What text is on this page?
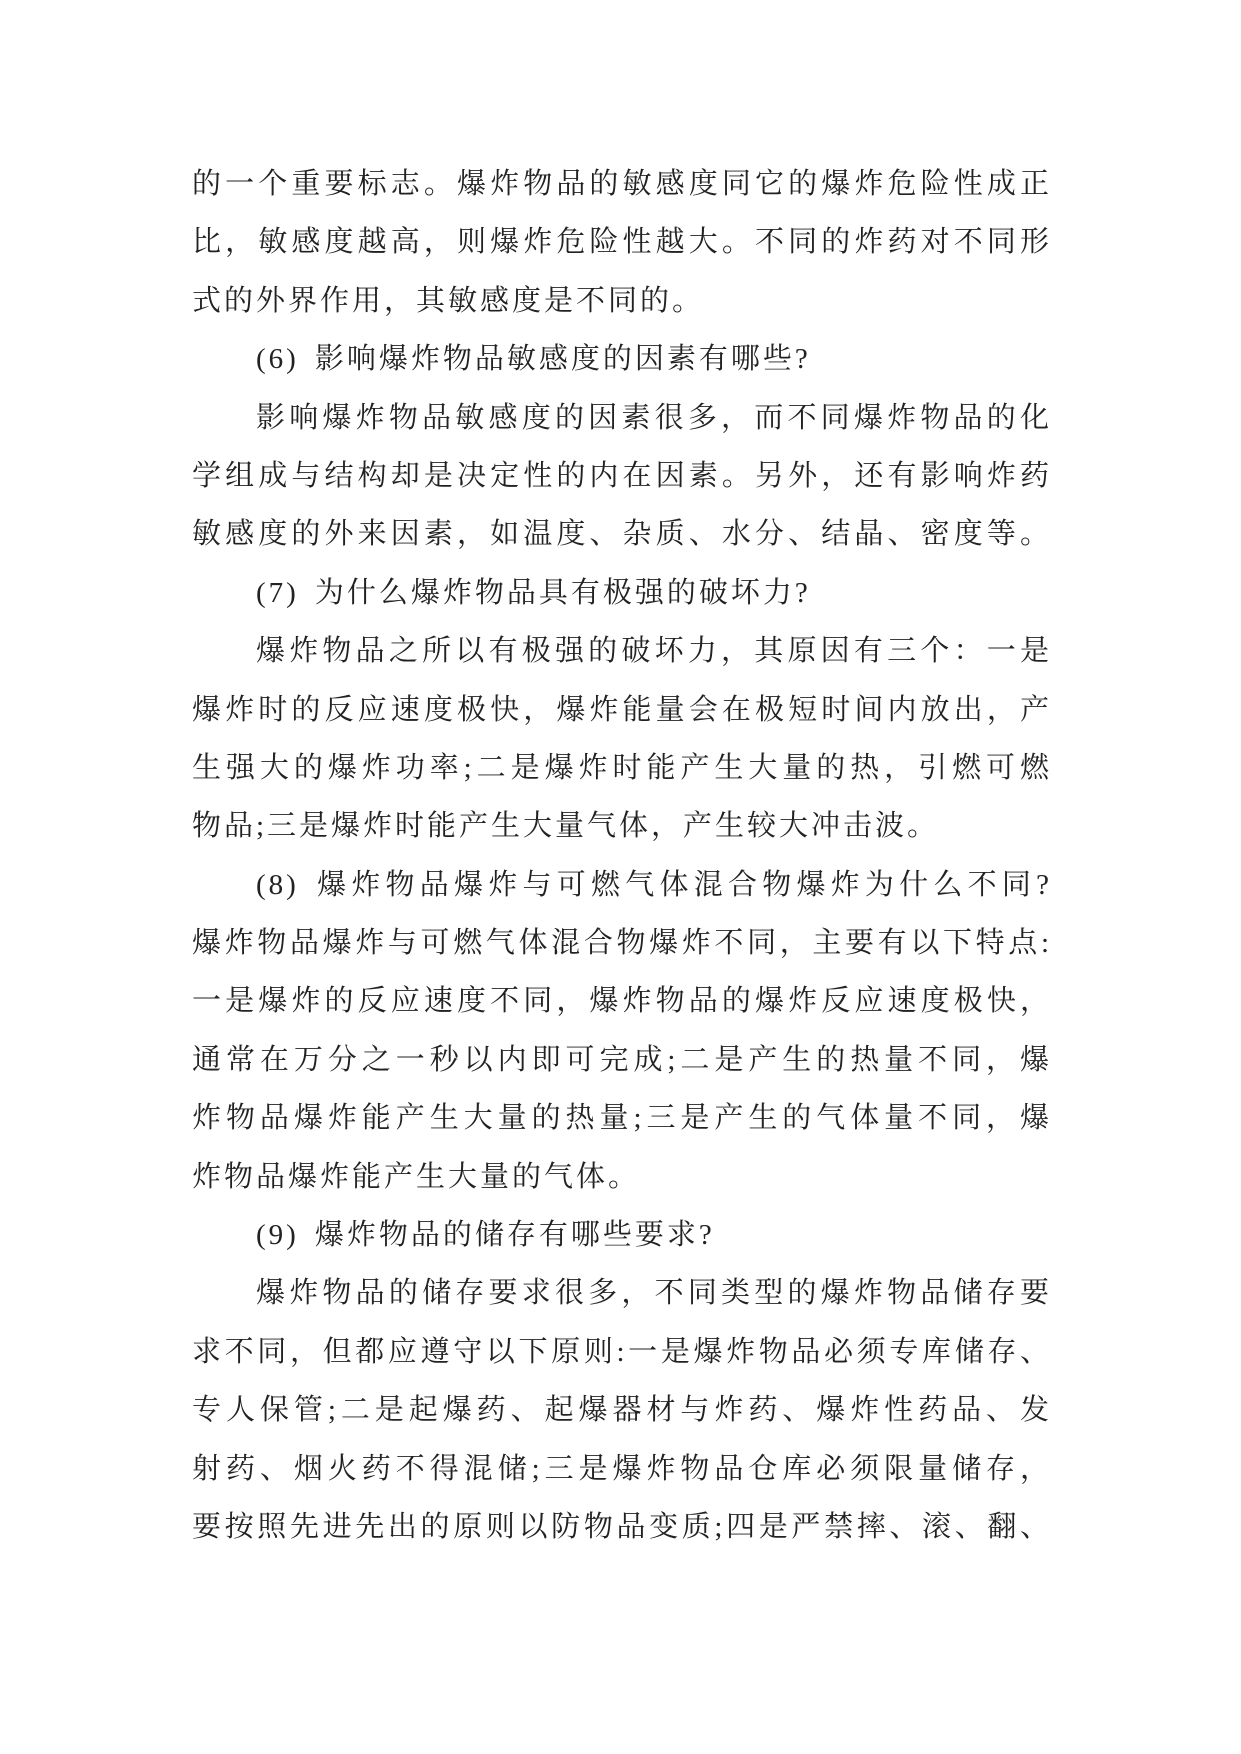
的一个重要标志。爆炸物品的敏感度同它的爆炸危险性成正
比，敏感度越高，则爆炸危险性越大。不同的炸药对不同形
式的外界作用，其敏感度是不同的。
(6) 影响爆炸物品敏感度的因素有哪些?
影响爆炸物品敏感度的因素很多，而不同爆炸物品的化
学组成与结构却是决定性的内在因素。另外，还有影响炸药
敏感度的外来因素，如温度、杂质、水分、结晶、密度等。
(7) 为什么爆炸物品具有极强的破坏力?
爆炸物品之所以有极强的破坏力，其原因有三个：一是
爆炸时的反应速度极快，爆炸能量会在极短时间内放出，产
生强大的爆炸功率;二是爆炸时能产生大量的热，引燃可燃
物品;三是爆炸时能产生大量气体，产生较大冲击波。
(8) 爆炸物品爆炸与可燃气体混合物爆炸为什么不同?
爆炸物品爆炸与可燃气体混合物爆炸不同，主要有以下特点:
一是爆炸的反应速度不同，爆炸物品的爆炸反应速度极快，
通常在万分之一秒以内即可完成;二是产生的热量不同，爆
炸物品爆炸能产生大量的热量;三是产生的气体量不同，爆
炸物品爆炸能产生大量的气体。
(9) 爆炸物品的储存有哪些要求?
爆炸物品的储存要求很多，不同类型的爆炸物品储存要
求不同，但都应遵守以下原则:一是爆炸物品必须专库储存、
专人保管;二是起爆药、起爆器材与炸药、爆炸性药品、发
射药、烟火药不得混储;三是爆炸物品仓库必须限量储存，
要按照先进先出的原则以防物品变质;四是严禁摔、滚、翻、
